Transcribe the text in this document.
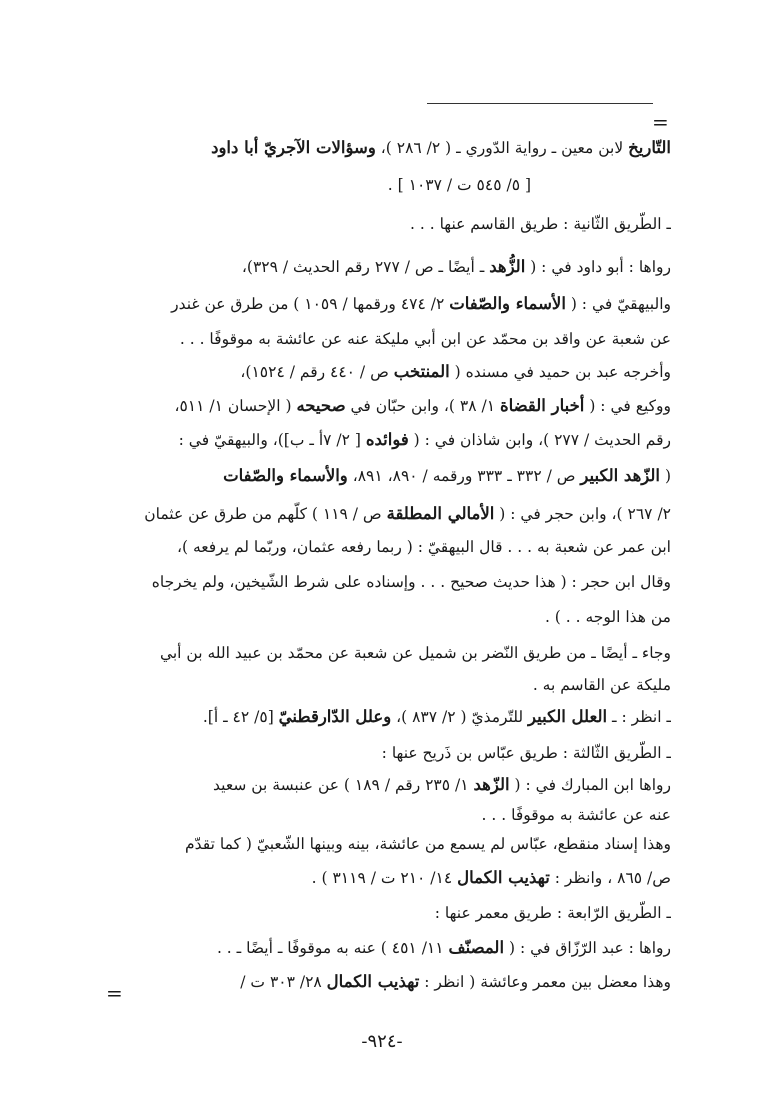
=
التّاريخ لابن معين ـ رواية الدّوري ـ ( ٢/ ٢٨٦ )، وسؤالات الآجريّ أبا داود
[ ٥/ ٥٤٥ ت / ١٠٣٧ ] .
ـ الطّريق الثّانية : طريق القاسم عنها . . .
رواها : أبو داود في : ( الزُّهد ـ أيضًا ـ ص / ٢٧٧ رقم الحديث / ٣٢٩)،
والبيهقيّ في : ( الأسماء والصّفات ٢/ ٤٧٤ ورقمها / ١٠٥٩ ) من طرق عن غندر
عن شعبة عن واقد بن محمّد عن ابن أبي مليكة عنه عن عائشة به موقوفًا . . .
وأخرجه عبد بن حميد في مسنده ( المنتخب ص / ٤٤٠ رقم / ١٥٢٤)،
ووكيع في : ( أخبار القضاة ١/ ٣٨ )، وابن حبّان في صحيحه ( الإحسان ١/ ٥١١،
رقم الحديث / ٢٧٧ )، وابن شاذان في : ( فوائده [ ٢/ ٧أ ـ ب])، والبيهقيّ في :
( الزّهد الكبير ص / ٣٣٢ ـ ٣٣٣ ورقمه / ٨٩٠، ٨٩١، والأسماء والصّفات
٢/ ٢٦٧ )، وابن حجر في : ( الأمالي المطلقة ص / ١١٩ ) كلّهم من طرق عن عثمان
ابن عمر عن شعبة به . . . قال البيهقيّ : ( ربما رفعه عثمان، وربّما لم يرفعه )،
وقال ابن حجر : ( هذا حديث صحيح . . . وإسناده على شرط الشّيخين، ولم يخرجاه
من هذا الوجه . . ) .
وجاء ـ أيضًا ـ من طريق النّضر بن شميل عن شعبة عن محمّد بن عبيد الله بن أبي
مليكة عن القاسم به .
ـ انظر : ـ العلل الكبير للتّرمذيّ ( ٢/ ٨٣٧ )، وعلل الدّارقطنيّ [٥/ ٤٢ ـ أ].
ـ الطّريق الثّالثة : طريق عبّاس بن ذَريح عنها :
رواها ابن المبارك في : ( الزّهد ١/ ٢٣٥ رقم / ١٨٩ ) عن عنبسة بن سعيد
عنه عن عائشة به موقوفًا . . .
وهذا إسناد منقطع، عبّاس لم يسمع من عائشة، بينه وبينها الشّعبيّ ( كما تقدّم
ص/ ٨٦٥ ، وانظر : تهذيب الكمال ١٤/ ٢١٠ ت / ٣١١٩ ) .
ـ الطّريق الرّابعة : طريق معمر عنها :
رواها : عبد الرّزّاق في : ( المصنّف ١١/ ٤٥١ ) عنه به موقوفًا ـ أيضًا ـ . .
وهذا معضل بين معمر وعائشة ( انظر : تهذيب الكمال ٢٨/ ٣٠٣ ت /
=
-٩٢٤-
